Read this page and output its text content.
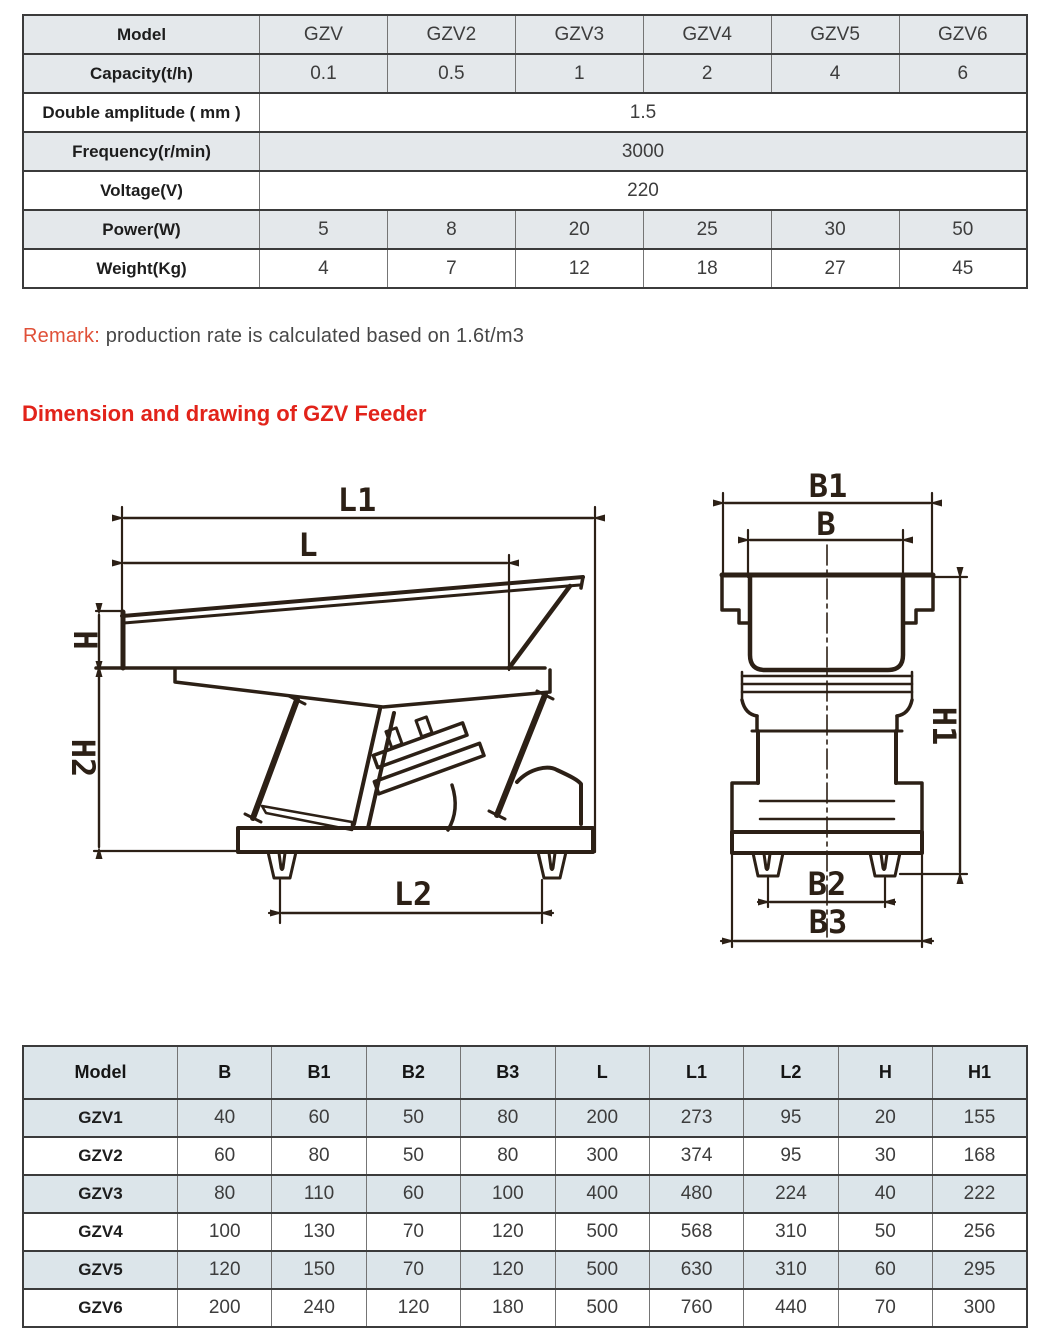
Model	GZV	GZV2	GZV3	GZV4	GZV5	GZV6
Capacity(t/h)	0.1	0.5	1	2	4	6
Double amplitude ( mm )	1.5					
Frequency(r/min)	3000					
Voltage(V)	220					
Power(W)	5	8	20	25	30	50
Weight(Kg)	4	7	12	18	27	45

Remark: production rate is calculated based on 1.6t/m3

Dimension and drawing of GZV Feeder
L1
L
H
H2
L2
B1
B
H1
B2
B3
Model	B	B1	B2	B3	L	L1	L2	H	H1
GZV1	40	60	50	80	200	273	95	20	155
GZV2	60	80	50	80	300	374	95	30	168
GZV3	80	110	60	100	400	480	224	40	222
GZV4	100	130	70	120	500	568	310	50	256
GZV5	120	150	70	120	500	630	310	60	295
GZV6	200	240	120	180	500	760	440	70	300
